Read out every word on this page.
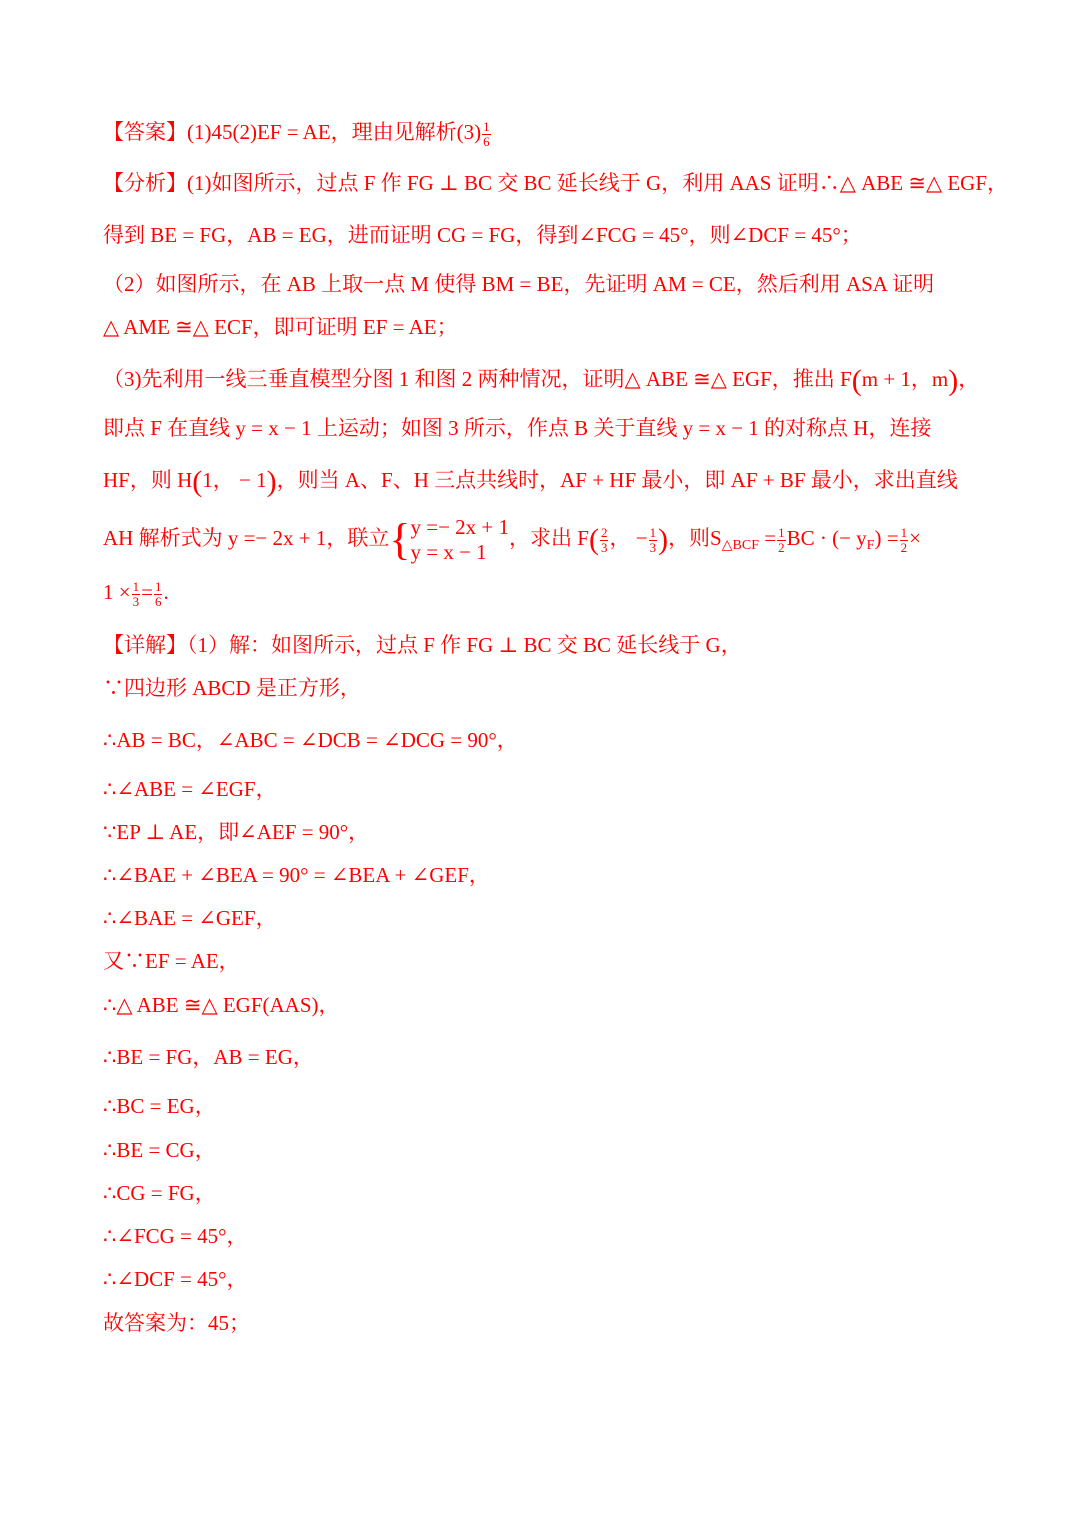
【答案】(1)45(2)EF = AE，理由见解析$(3) \frac{1}{6}$
【分析】(1)如图所示，过点 F 作 FG ⊥ BC 交 BC 延长线于 G，利用 AAS 证明∴△ ABE ≅△ EGF，
得到 BE = FG，AB = EG，进而证明 CG = FG，得到∠FCG = 45°，则∠DCF = 45°；
（2）如图所示，在 AB 上取一点 M 使得 BM = BE，先证明 AM = CE，然后利用 ASA 证明
△ AME ≅△ ECF，即可证明 EF = AE；
（3)先利用一线三垂直模型分图 1 和图 2 两种情况，证明△ ABE ≅△ EGF，推出 F(m + 1，m)，
即点 F 在直线 y = x − 1 上运动；如图 3 所示，作点 B 关于直线 y = x − 1 的对称点 H，连接
HF，则 H(1， − 1)，则当 A、F、H 三点共线时，AF + HF 最小，即 AF + BF 最小，求出直线
AH 解析式为 y =− 2x + 1，联立{ y =− 2x + 1
y = x − 1
，求出 $F( \frac{2}{3}$ ， − $\frac{1}{3}$ )，则$S_{\triangle BCF} = \frac{1}{2}$ BC · (− $y_F) = \frac{1}{2}$ ×
$1 \times \frac{1}{3} = \frac{1}{6}$ .
【详解】（1）解：如图所示，过点 F 作 FG ⊥ BC 交 BC 延长线于 G，
∵四边形 ABCD 是正方形，
∴AB = BC，∠ABC = ∠DCB = ∠DCG = 90°，
∴∠ABE = ∠EGF，
∵EP ⊥ AE，即∠AEF = 90°，
∴∠BAE + ∠BEA = 90° = ∠BEA + ∠GEF，
∴∠BAE = ∠GEF，
又∵EF = AE，
∴△ ABE ≅△ EGF(AAS)，
∴BE = FG，AB = EG，
∴BC = EG，
∴BE = CG，
∴CG = FG，
∴∠FCG = 45°，
∴∠DCF = 45°，
故答案为：45；
